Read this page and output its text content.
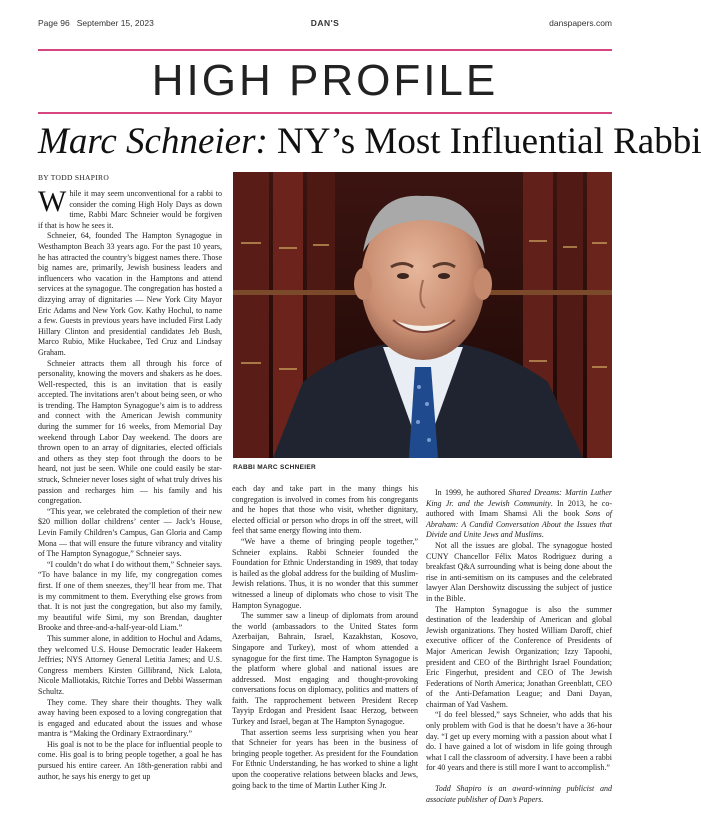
Page 96 September 15, 2023	DAN'S	danspapers.com
HIGH PROFILE
Marc Schneier: NY’s Most Influential Rabbi
BY TODD SHAPIRO

While it may seem unconventional for a rabbi to consider the coming High Holy Days as down time, Rabbi Marc Schneier would be forgiven if that is how he sees it.

Schneier, 64, founded The Hampton Synagogue in Westhampton Beach 33 years ago. For the past 10 years, he has attracted the country’s biggest names there. Those big names are, primarily, Jewish business leaders and influencers who vacation in the Hamptons and attend services at the synagogue. The congregation has hosted a dizzying array of dignitaries — New York City Mayor Eric Adams and New York Gov. Kathy Hochul, to name a few. Guests in previous years have included First Lady Hillary Clinton and presidential candidates Jeb Bush, Marco Rubio, Mike Huckabee, Ted Cruz and Lindsay Graham.

Schneier attracts them all through his force of personality, knowing the movers and shakers as he does. Well-respected, this is an invitation that is easily accepted. The invitations aren’t about being seen, or who is trending. The Hampton Synagogue’s aim is to address and connect with the American Jewish community during the summer for 16 weeks, from Memorial Day weekend through Labor Day weekend. The doors are thrown open to an array of dignitaries, elected officials and others as they step foot through the doors to be heard, not just be seen. While one could easily be star-struck, Schneier never loses sight of what truly drives his passion and recharges him — his family and his congregation.

“This year, we celebrated the completion of their new $20 million dollar childrens’ center — Jack’s House, Levin Family Children’s Campus, Gan Gloria and Camp Mona — that will ensure the future vibrancy and vitality of The Hampton Synagogue,” Schneier says.

“I couldn’t do what I do without them,” Schneier says. “To have balance in my life, my congregation comes first. If one of them sneezes, they’ll hear from me. That is my commitment to them. Everything else grows from that. It is not just the congregation, but also my family, my beautiful wife Simi, my son Brendan, daughter Brooke and three-and-a-half-year-old Liam.”

This summer alone, in addition to Hochul and Adams, they welcomed U.S. House Democratic leader Hakeem Jeffries; NYS Attorney General Letitia James; and U.S. Congress members Kirsten Gillibrand, Nick Lalota, Nicole Malliotakis, Ritchie Torres and Debbi Wasserman Schultz.

They come. They share their thoughts. They walk away having been exposed to a loving congregation that is engaged and educated about the issues and whose mantra is “Making the Ordinary Extraordinary.”

His goal is not to be the place for influential people to come. His goal is to bring people together, a goal he has pursued his entire career. An 18th-generation rabbi and author, he says his energy to get up

RABBI MARC SCHNEIER

each day and take part in the many things his congregation is involved in comes from his congregants and he hopes that those who visit, whether dignitary, elected official or person who drops in off the street, will feel that same energy flowing into them.

“We have a theme of bringing people together,” Schneier explains. Rabbi Schneier founded the Foundation for Ethnic Understanding in 1989, that today is hailed as the global address for the building of Muslim-Jewish relations. Thus, it is no wonder that this summer witnessed a lineup of diplomats who chose to visit The Hampton Synagogue.

The summer saw a lineup of diplomats from around the world (ambassadors to the United States form Azerbaijan, Bahrain, Israel, Kazakhstan, Kosovo, Singapore and Turkey), most of whom attended a synagogue for the first time. The Hampton Synagogue is the platform where global and national issues are addressed. Most engaging and thought-provoking conversations focus on diplomacy, politics and matters of faith. The rapprochement between President Recep Tayyip Erdogan and President Isaac Herzog, between Turkey and Israel, began at The Hampton Synagogue.

That assertion seems less surprising when you hear that Schneier for years has been in the business of bringing people together. As president for the Foundation For Ethnic Understanding, he has worked to shine a light upon the cooperative relations between blacks and Jews, going back to the time of Martin Luther King Jr.

In 1999, he authored Shared Dreams: Martin Luther King Jr. and the Jewish Community. In 2013, he co-authored with Imam Shamsi Ali the book Sons of Abraham: A Candid Conversation About the Issues that Divide and Unite Jews and Muslims.

Not all the issues are global. The synagogue hosted CUNY Chancellor Félix Matos Rodriguez during a breakfast Q&A surrounding what is being done about the rise in anti-semitism on its campuses and the celebrated lawyer Alan Dershowitz discussing the subject of justice in the Bible.

The Hampton Synagogue is also the summer destination of the leadership of American and global Jewish organizations. They hosted William Daroff, chief executive officer of the Conference of Presidents of Major American Jewish Organization; Izzy Tapoohi, president and CEO of the Birthright Israel Foundation; Eric Fingerhut, president and CEO of The Jewish Federations of North America; Jonathan Greenblatt, CEO of the Anti-Defamation League; and Dani Dayan, chairman of Yad Vashem.

“I do feel blessed,” says Schneier, who adds that his only problem with God is that he doesn’t have a 36-hour day. “I get up every morning with a passion about what I do. I have gained a lot of wisdom in life going through what I call the classroom of adversity. I have been a rabbi for 40 years and there is still more I want to accomplish.”

Todd Shapiro is an award-winning publicist and associate publisher of Dan’s Papers.
